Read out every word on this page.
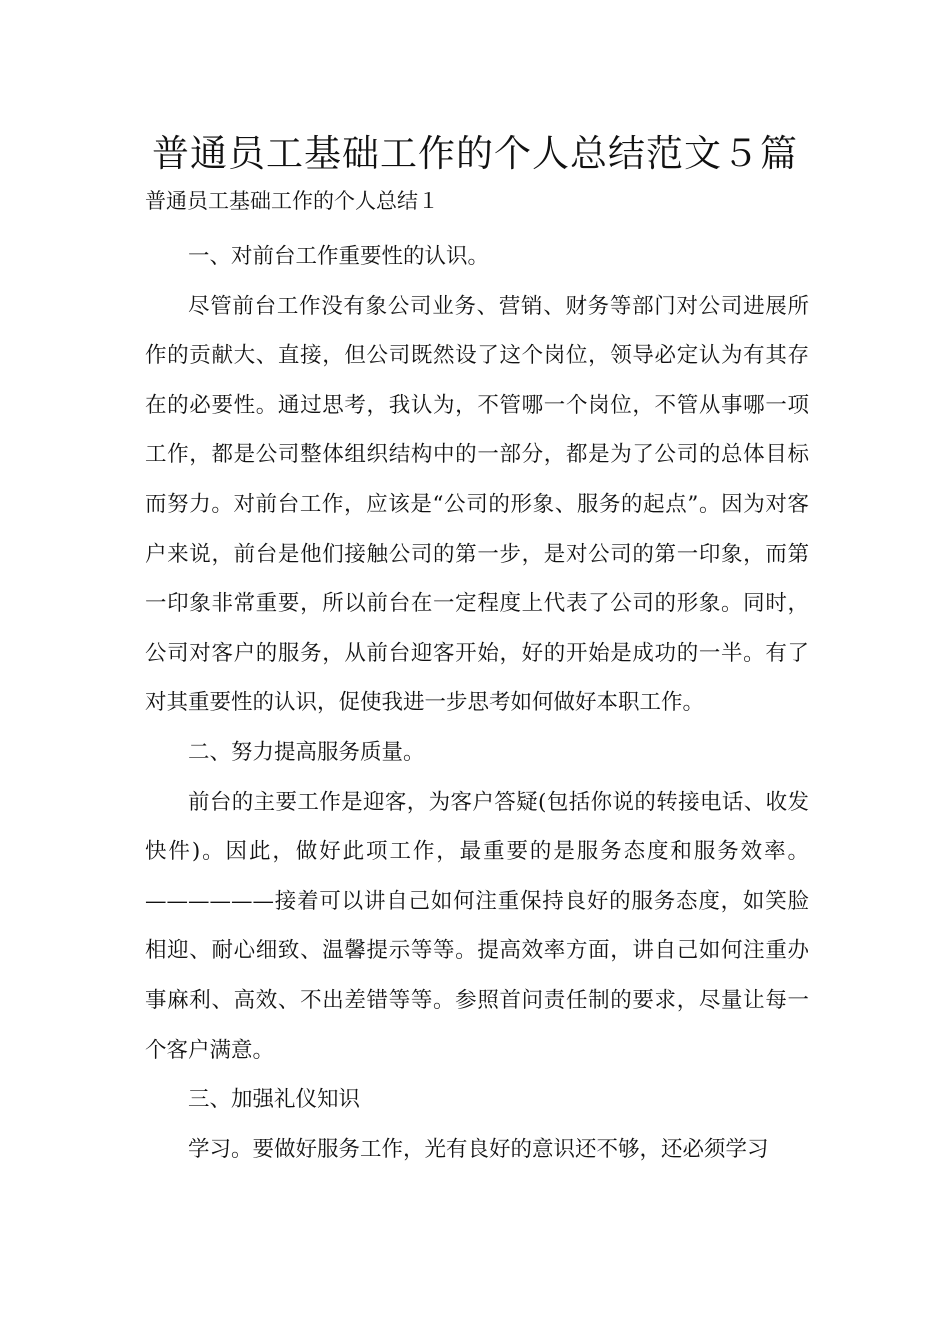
普通员工基础工作的个人总结范文５篇

普通员工基础工作的个人总结１

一、对前台工作重要性的认识。

尽管前台工作没有象公司业务、营销、财务等部门对公司进展所作的贡献大、直接，但公司既然设了这个岗位，领导必定认为有其存在的必要性。通过思考，我认为，不管哪一个岗位，不管从事哪一项工作，都是公司整体组织结构中的一部分，都是为了公司的总体目标而努力。对前台工作，应该是“公司的形象、服务的起点”。因为对客户来说，前台是他们接触公司的第一步，是对公司的第一印象，而第一印象非常重要，所以前台在一定程度上代表了公司的形象。同时，公司对客户的服务，从前台迎客开始，好的开始是成功的一半。有了对其重要性的认识，促使我进一步思考如何做好本职工作。

二、努力提高服务质量。

前台的主要工作是迎客，为客户答疑(包括你说的转接电话、收发快件)。因此，做好此项工作，最重要的是服务态度和服务效率。——————接着可以讲自己如何注重保持良好的服务态度，如笑脸相迎、耐心细致、温馨提示等等。提高效率方面，讲自己如何注重办事麻利、高效、不出差错等等。参照首问责任制的要求，尽量让每一个客户满意。

三、加强礼仪知识

学习。要做好服务工作，光有良好的意识还不够，还必须学习
